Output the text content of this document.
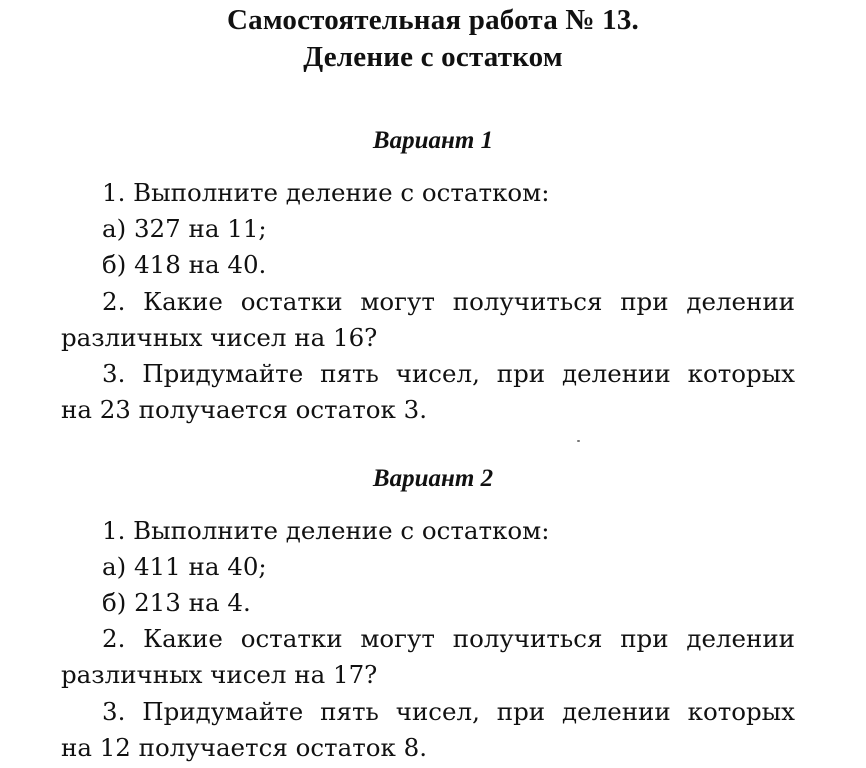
Самостоятельная работа № 13.
Деление с остатком
Вариант 1
1. Выполните деление с остатком:
а) 327 на 11;
б) 418 на 40.
2. Какие остатки могут получиться при делении
различных чисел на 16?
3. Придумайте пять чисел, при делении которых
на 23 получается остаток 3.
Вариант 2
1. Выполните деление с остатком:
а) 411 на 40;
б) 213 на 4.
2. Какие остатки могут получиться при делении
различных чисел на 17?
3. Придумайте пять чисел, при делении которых
на 12 получается остаток 8.
